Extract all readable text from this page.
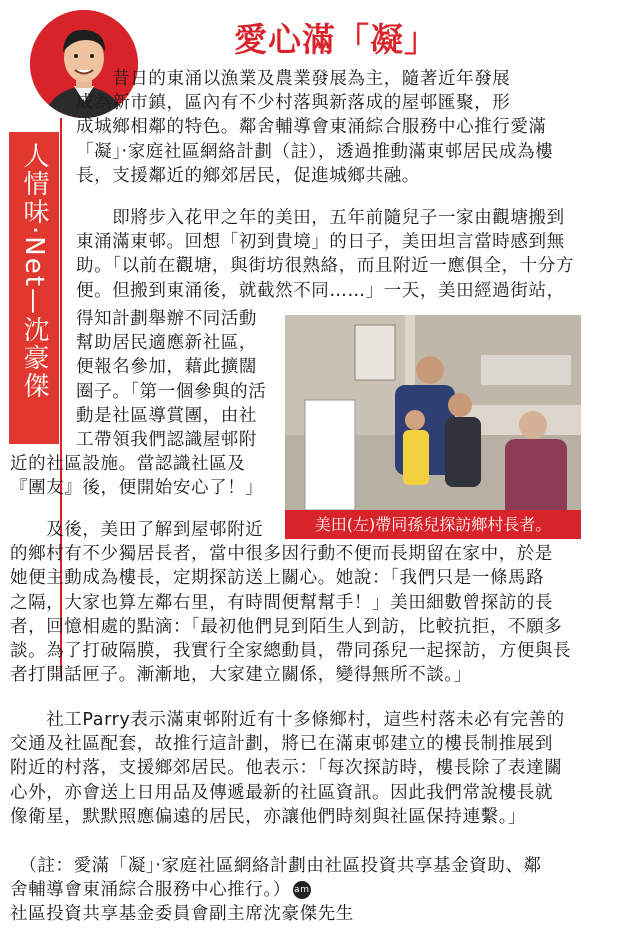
愛心滿「凝」
人情味‧Net—沈豪傑

　　昔日的東涌以漁業及農業發展為主，隨著近年發展

成為新市鎮，區內有不少村落與新落成的屋邨匯聚，形

成城鄉相鄰的特色。鄰舍輔導會東涌綜合服務中心推行愛滿

「凝」‧家庭社區網絡計劃（註），透過推動滿東邨居民成為樓

長，支援鄰近的鄉郊居民，促進城鄉共融。

　　即將步入花甲之年的美田，五年前隨兒子一家由觀塘搬到

東涌滿東邨。回想「初到貴境」的日子，美田坦言當時感到無

助。「以前在觀塘，與街坊很熟絡，而且附近一應俱全，十分方

便。但搬到東涌後，就截然不同……」一天，美田經過街站，

得知計劃舉辦不同活動

幫助居民適應新社區，

便報名參加，藉此擴闊

圈子。「第一個參與的活

動是社區導賞團，由社

工帶領我們認識屋邨附

近的社區設施。當認識社區及

『團友』後，便開始安心了！」

美田(左)帶同孫兒探訪鄉村長者。

　　及後，美田了解到屋邨附近

的鄉村有不少獨居長者，當中很多因行動不便而長期留在家中，於是

她便主動成為樓長，定期探訪送上關心。她說：「我們只是一條馬路

之隔，大家也算左鄰右里，有時間便幫幫手！」美田細數曾探訪的長

者，回憶相處的點滴：「最初他們見到陌生人到訪，比較抗拒，不願多

談。為了打破隔膜，我實行全家總動員，帶同孫兒一起探訪，方便與長

者打開話匣子。漸漸地，大家建立關係，變得無所不談。」

　　社工Parry表示滿東邨附近有十多條鄉村，這些村落未必有完善的

交通及社區配套，故推行這計劃，將已在滿東邨建立的樓長制推展到

附近的村落，支援鄉郊居民。他表示：「每次探訪時，樓長除了表達關

心外，亦會送上日用品及傳遞最新的社區資訊。因此我們常說樓長就

像衛星，默默照應偏遠的居民，亦讓他們時刻與社區保持連繫。」

　（註：愛滿「凝」‧家庭社區網絡計劃由社區投資共享基金資助、鄰

舍輔導會東涌綜合服務中心推行。） am

社區投資共享基金委員會副主席沈豪傑先生
